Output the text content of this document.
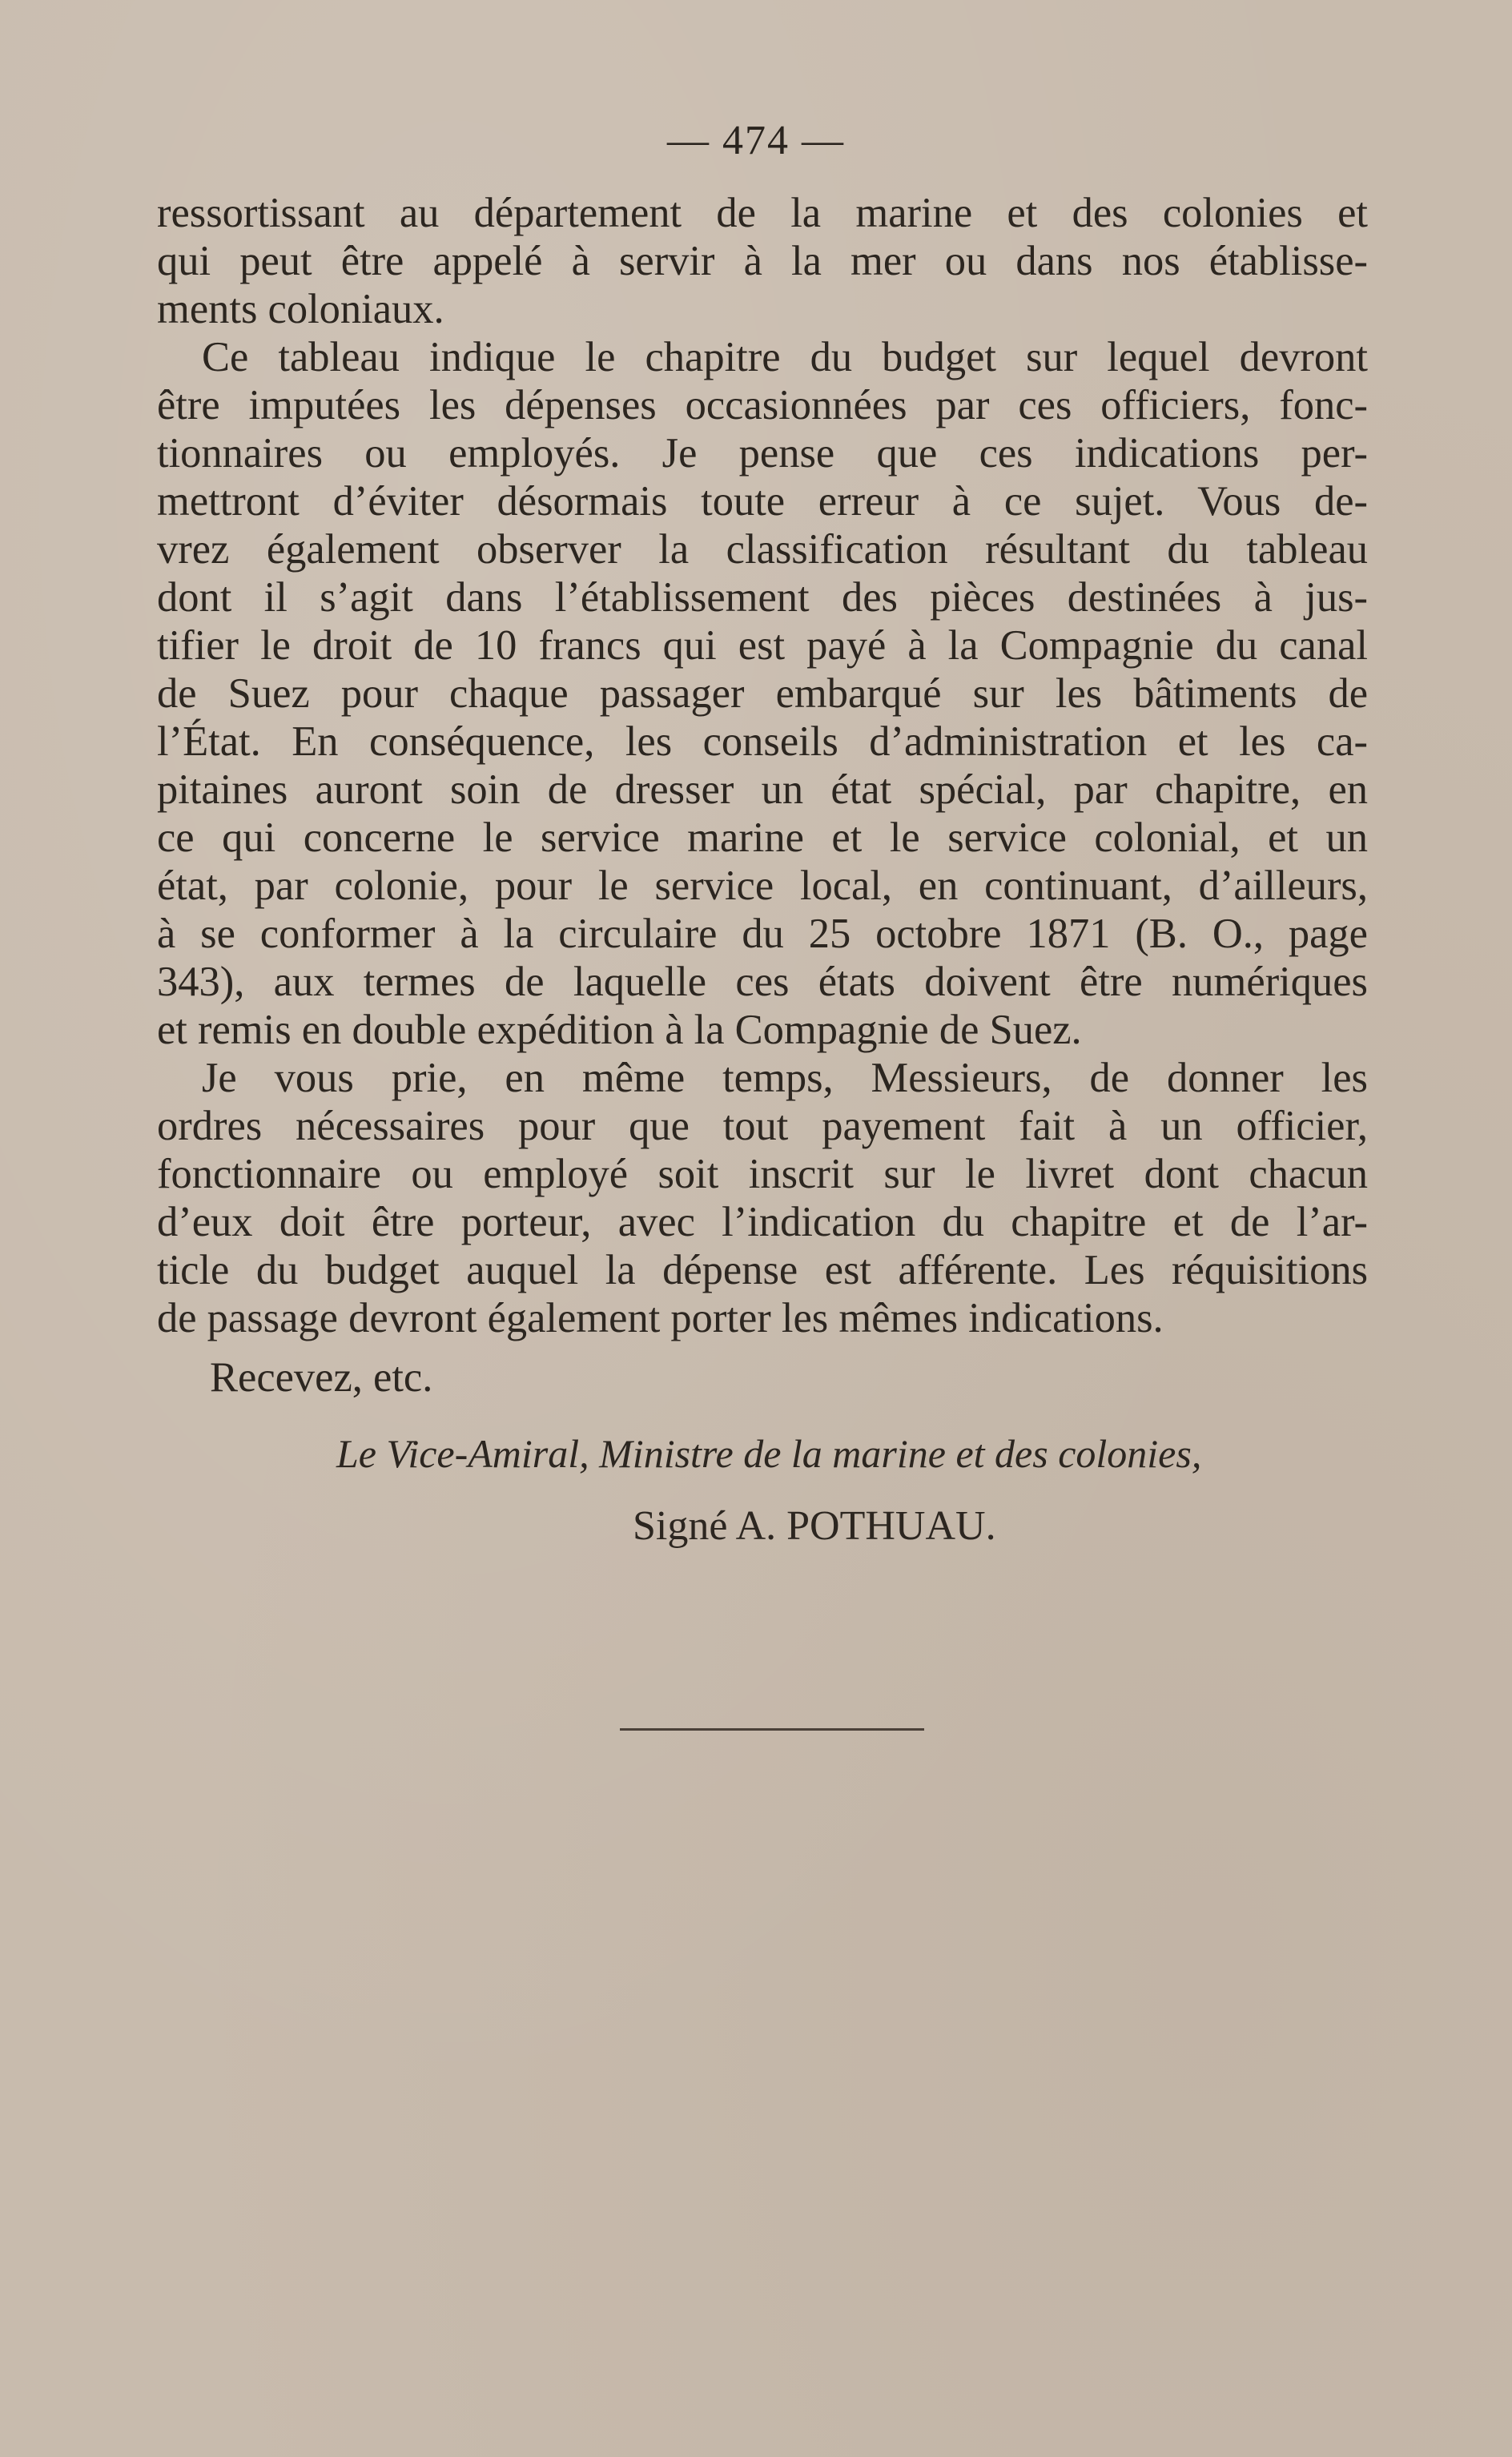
— 474 —
ressortissant au département de la marine et des colonies et
qui peut être appelé à servir à la mer ou dans nos établisse-
ments coloniaux.
Ce tableau indique le chapitre du budget sur lequel devront
être imputées les dépenses occasionnées par ces officiers, fonc-
tionnaires ou employés. Je pense que ces indications per-
mettront d’éviter désormais toute erreur à ce sujet. Vous de-
vrez également observer la classification résultant du tableau
dont il s’agit dans l’établissement des pièces destinées à jus-
tifier le droit de 10 francs qui est payé à la Compagnie du canal
de Suez pour chaque passager embarqué sur les bâtiments de
l’État. En conséquence, les conseils d’administration et les ca-
pitaines auront soin de dresser un état spécial, par chapitre, en
ce qui concerne le service marine et le service colonial, et un
état, par colonie, pour le service local, en continuant, d’ailleurs,
à se conformer à la circulaire du 25 octobre 1871 (B. O., page
343), aux termes de laquelle ces états doivent être numériques
et remis en double expédition à la Compagnie de Suez.
Je vous prie, en même temps, Messieurs, de donner les
ordres nécessaires pour que tout payement fait à un officier,
fonctionnaire ou employé soit inscrit sur le livret dont chacun
d’eux doit être porteur, avec l’indication du chapitre et de l’ar-
ticle du budget auquel la dépense est afférente. Les réquisitions
de passage devront également porter les mêmes indications.
Recevez, etc.
Le Vice-Amiral, Ministre de la marine et des colonies,
Signé A. POTHUAU.
